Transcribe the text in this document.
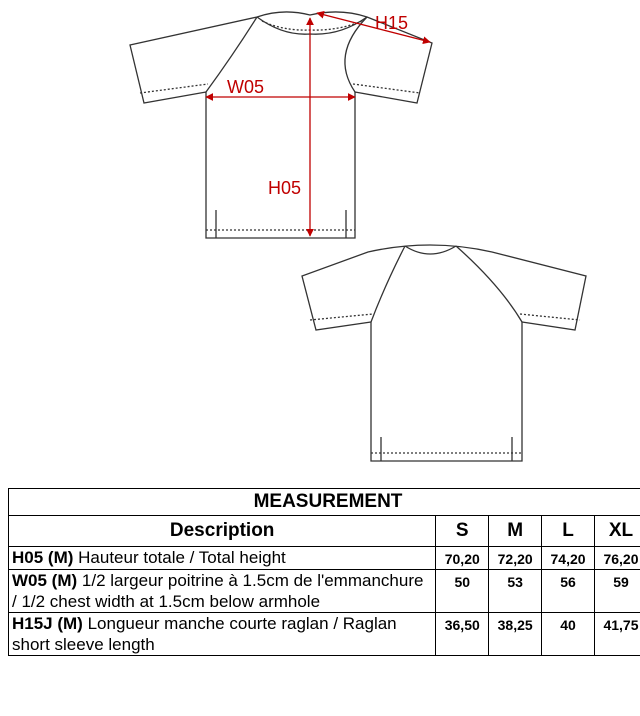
H15
W05
H05
MEASUREMENT				
Description	S	M	L	XL
H05 (M) Hauteur totale / Total height	70,20	72,20	74,20	76,20
W05 (M) 1/2 largeur poitrine à 1.5cm de l'emmanchure / 1/2 chest width at 1.5cm below armhole	50	53	56	59
H15J (M) Longueur manche courte raglan / Raglan short sleeve length	36,50	38,25	40	41,75
